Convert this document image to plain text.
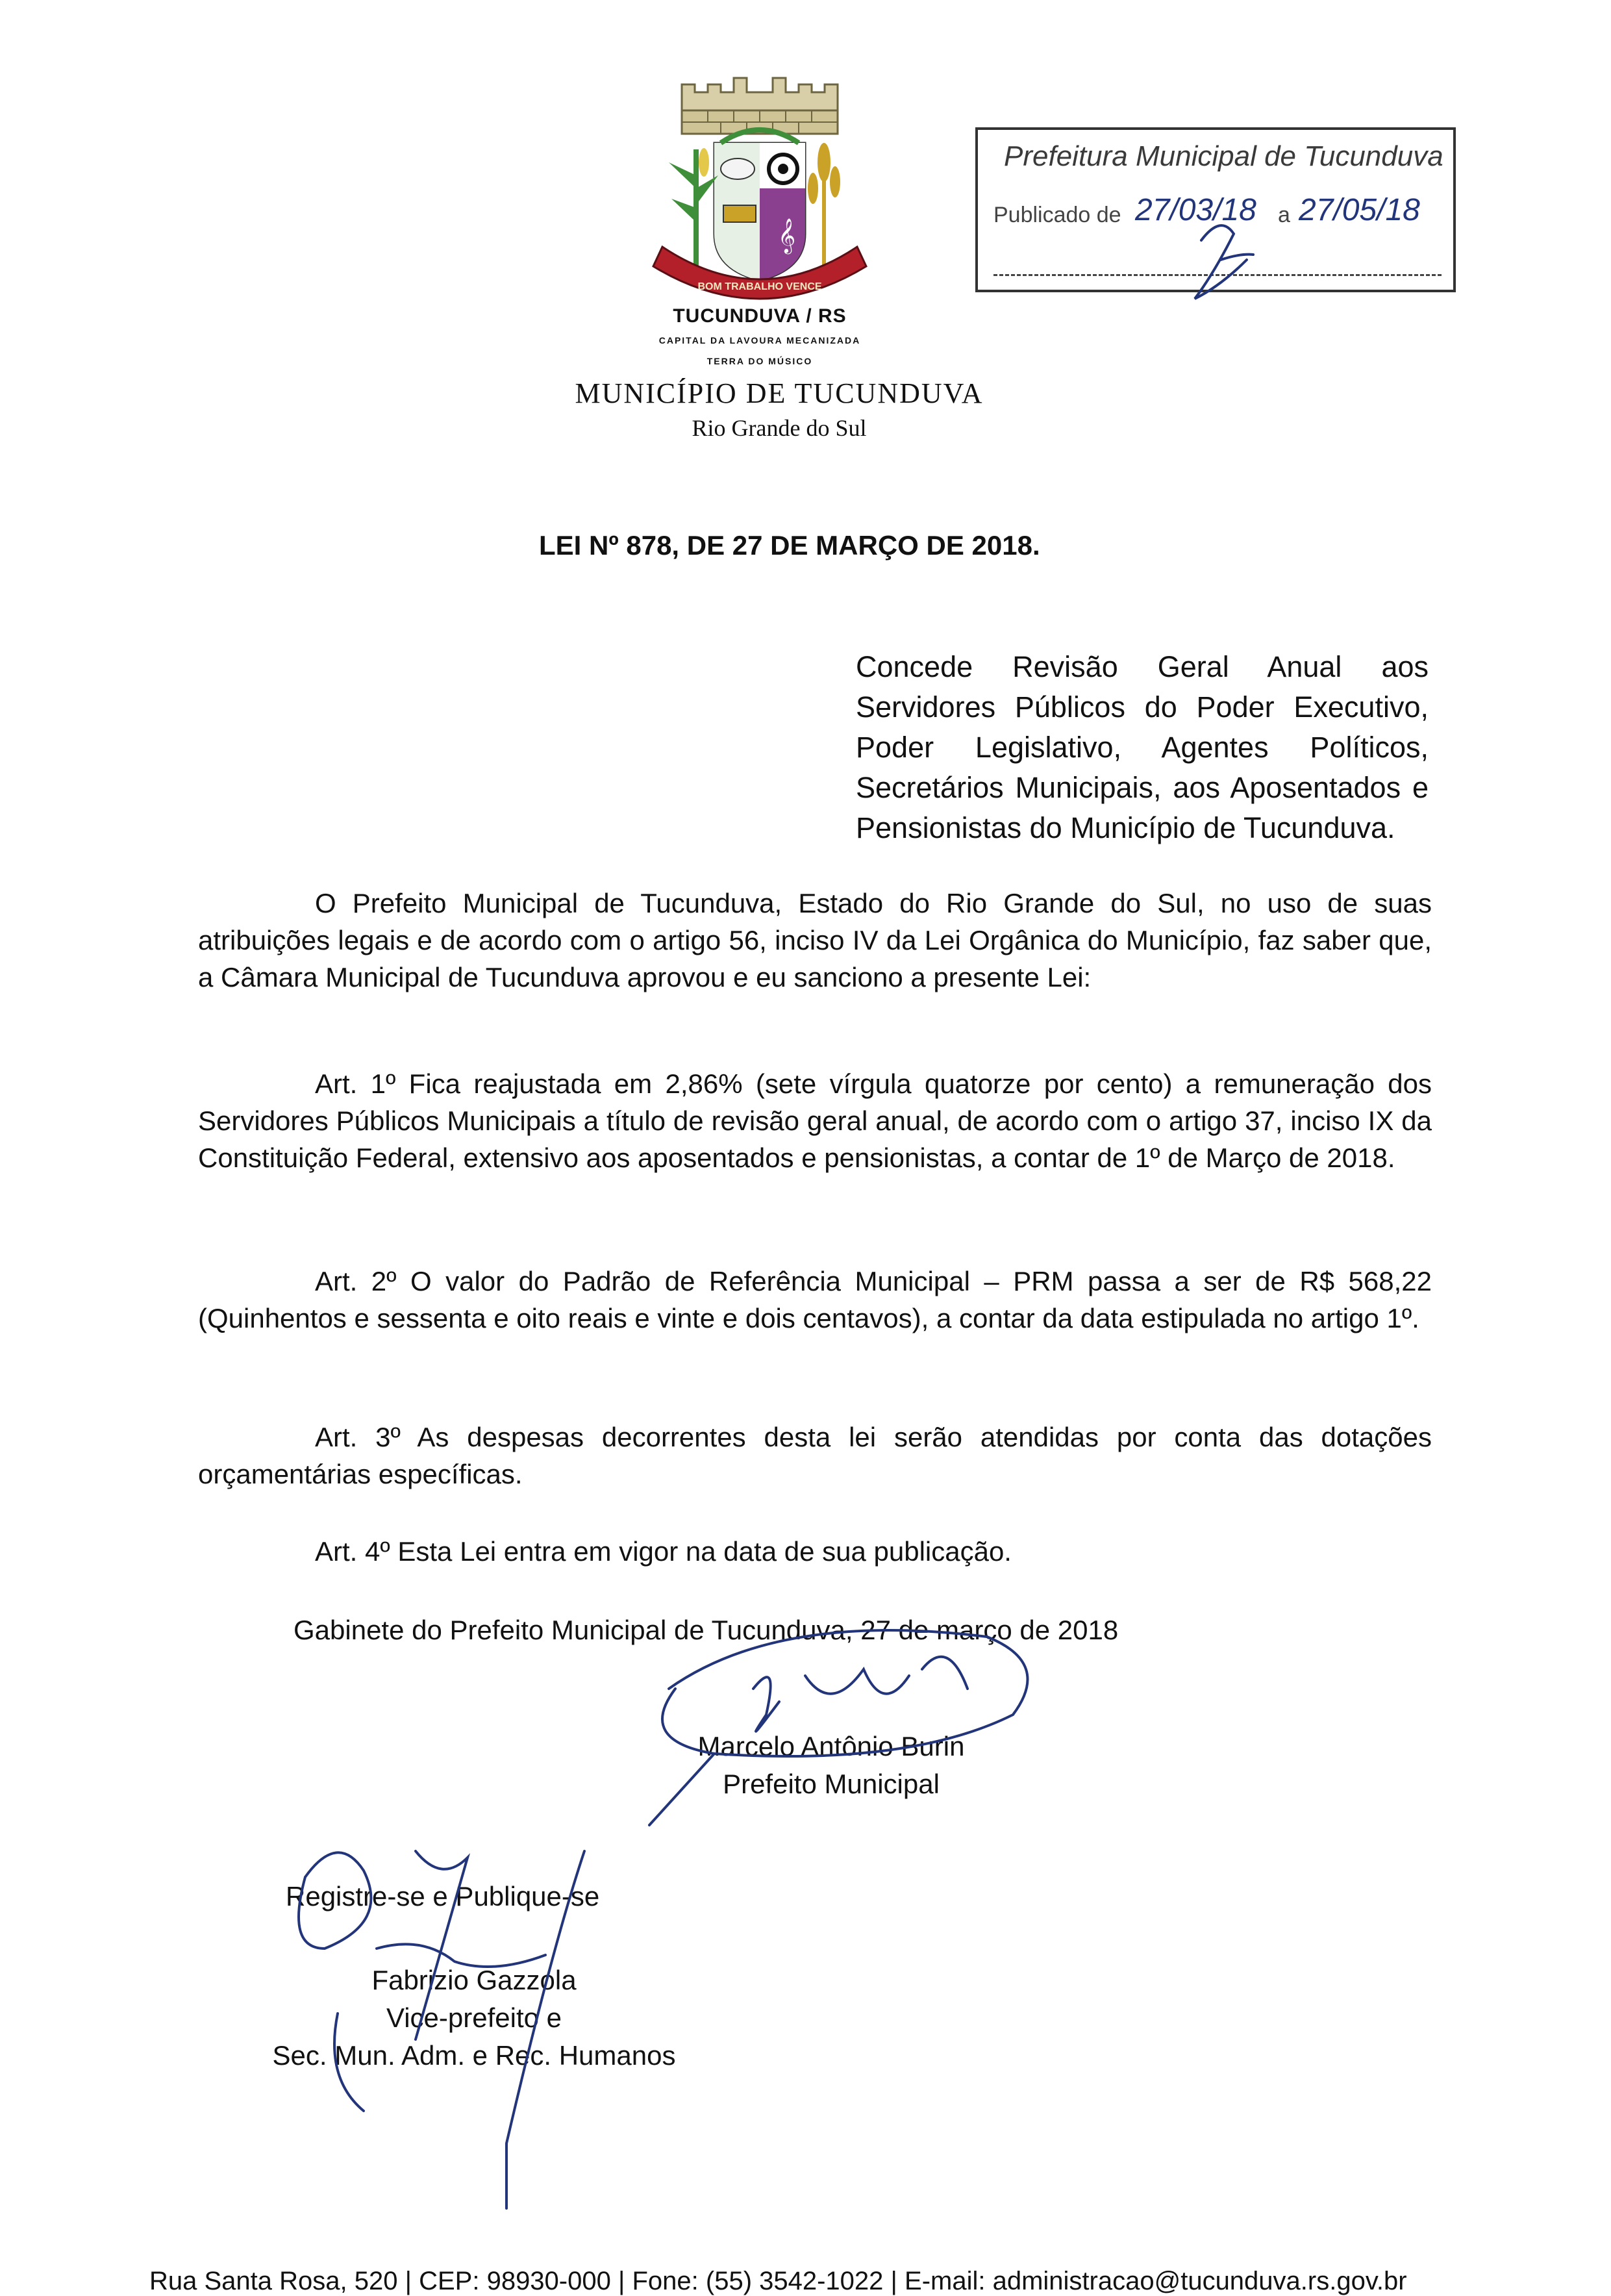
𝄞
BOM TRABALHO VENCE
TUCUNDUVA / RS
CAPITAL DA LAVOURA MECANIZADA
TERRA DO MÚSICO
MUNICÍPIO DE TUCUNDUVA
Rio Grande do Sul
Prefeitura Municipal de Tucunduva
Publicado de 27/03/18 a 27/05/18
LEI Nº 878, DE 27 DE MARÇO DE 2018.
Concede Revisão Geral Anual aos Servidores Públicos do Poder Executivo, Poder Legislativo, Agentes Políticos, Secretários Municipais, aos Aposentados e Pensionistas do Município de Tucunduva.
O Prefeito Municipal de Tucunduva, Estado do Rio Grande do Sul, no uso de suas atribuições legais e de acordo com o artigo 56, inciso IV da Lei Orgânica do Município, faz saber que, a Câmara Municipal de Tucunduva aprovou e eu sanciono a presente Lei:
Art. 1º Fica reajustada em 2,86% (sete vírgula quatorze por cento) a remuneração dos Servidores Públicos Municipais a título de revisão geral anual, de acordo com o artigo 37, inciso IX da Constituição Federal, extensivo aos aposentados e pensionistas, a contar de 1º de Março de 2018.
Art. 2º O valor do Padrão de Referência Municipal – PRM passa a ser de R$ 568,22 (Quinhentos e sessenta e oito reais e vinte e dois centavos), a contar da data estipulada no artigo 1º.
Art. 3º As despesas decorrentes desta lei serão atendidas por conta das dotações orçamentárias específicas.
Art. 4º Esta Lei entra em vigor na data de sua publicação.
Gabinete do Prefeito Municipal de Tucunduva, 27 de março de 2018
Marcelo Antônio Burin
Prefeito Municipal
Registre-se e Publique-se
Fabrizio Gazzola
Vice-prefeito e
Sec. Mun. Adm. e Rec. Humanos
Rua Santa Rosa, 520 | CEP: 98930-000 | Fone: (55) 3542-1022 | E-mail: administracao@tucunduva.rs.gov.br
